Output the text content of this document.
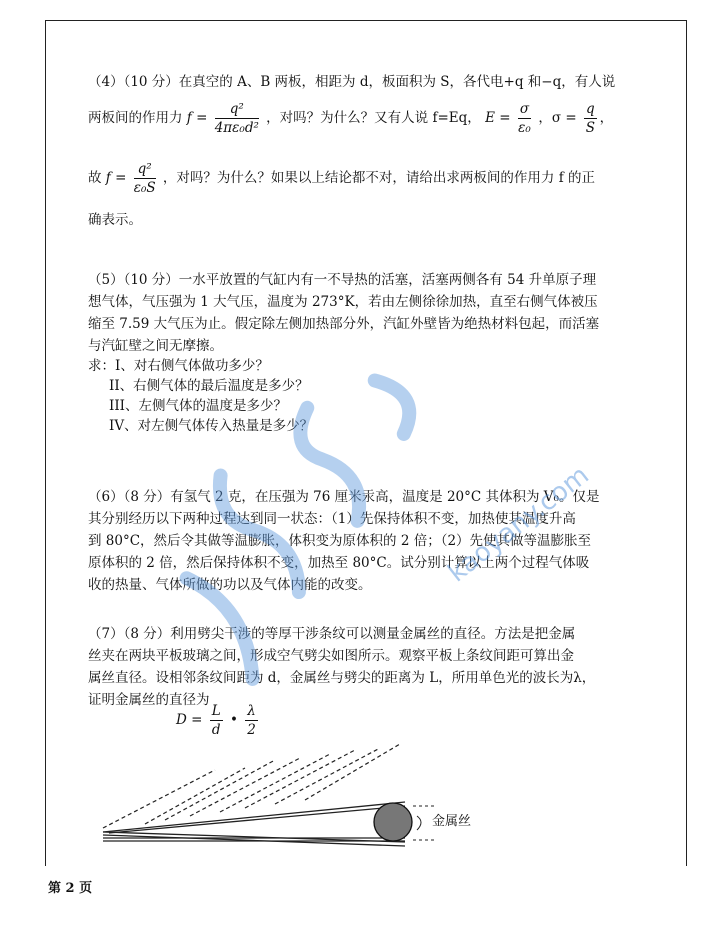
（4）（10 分）在真空的 A、B 两板，相距为 d，板面积为 S，各代电+q 和−q，有人说
两板间的作用力 $f = \frac{\text{q²}}{\text{4πε₀d²}}$ ，对吗？为什么？又有人说 f=Eq， $E = \frac{\sigma}{\text{ε₀}}$ ，$\sigma = \frac{q}{S}$ ，
故 $f = \frac{\text{q²}}{\text{ε₀S}}$ ，对吗？为什么？如果以上结论都不对，请给出求两板间的作用力 f 的正
确表示。
（5）（10 分）一水平放置的气缸内有一不导热的活塞，活塞两侧各有 54 升单原子理
想气体，气压强为 1 大气压，温度为 273°K，若由左侧徐徐加热，直至右侧气体被压
缩至 7.59 大气压为止。假定除左侧加热部分外，汽缸外壁皆为绝热材料包起，而活塞
与汽缸壁之间无摩擦。
求：I、对右侧气体做功多少？
II、右侧气体的最后温度是多少？
III、左侧气体的温度是多少？
IV、对左侧气体传入热量是多少？
（6）（8 分）有氢气 2 克，在压强为 76 厘米汞高，温度是 20°C 其体积为 V₀。仅是
其分别经历以下两种过程达到同一状态：（1）先保持体积不变，加热使其温度升高
到 80°C，然后令其做等温膨胀，体积变为原体积的 2 倍；（2）先使其做等温膨胀至
原体积的 2 倍，然后保持体积不变，加热至 80°C。试分别计算以上两个过程气体吸
收的热量、气体所做的功以及气体内能的改变。
（7）（8 分）利用劈尖干涉的等厚干涉条纹可以测量金属丝的直径。方法是把金属
丝夹在两块平板玻璃之间，形成空气劈尖如图所示。观察平板上条纹间距可算出金
属丝直径。设相邻条纹间距为 d，金属丝与劈尖的距离为 L，所用单色光的波长为λ，
证明金属丝的直径为
$D = \frac{L}{d}$ • $\frac{\lambda}{2}$
金属丝
kaoyany.com
第 2 页
